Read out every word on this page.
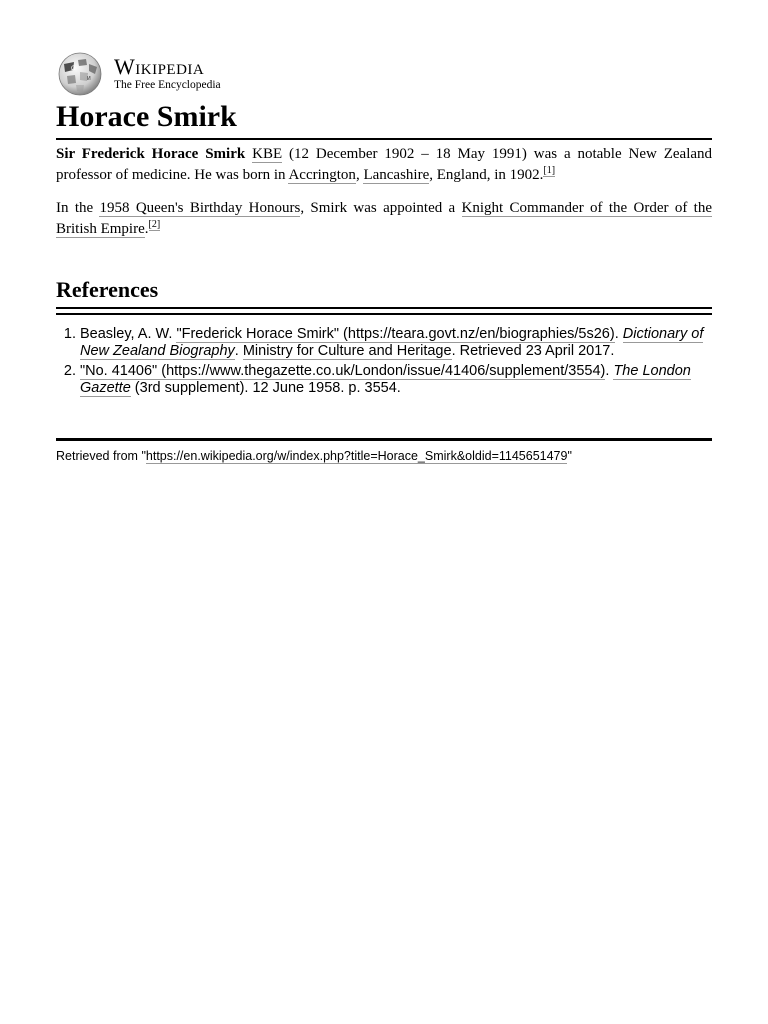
Ω
И Wikipedia
The Free Encyclopedia
Horace Smirk

Sir Frederick Horace Smirk KBE (12 December 1902 – 18 May 1991) was a notable New Zealand professor of medicine. He was born in Accrington, Lancashire, England, in 1902.[1]

In the 1958 Queen's Birthday Honours, Smirk was appointed a Knight Commander of the Order of the British Empire.[2]

References
1. Beasley, A. W. "Frederick Horace Smirk" (https://teara.govt.nz/en/biographies/5s26). Dictionary of New Zealand Biography. Ministry for Culture and Heritage. Retrieved 23 April 2017.
2. "No. 41406" (https://www.thegazette.co.uk/London/issue/41406/supplement/3554). The London Gazette (3rd supplement). 12 June 1958. p. 3554.
Retrieved from "https://en.wikipedia.org/w/index.php?title=Horace_Smirk&oldid=1145651479"
